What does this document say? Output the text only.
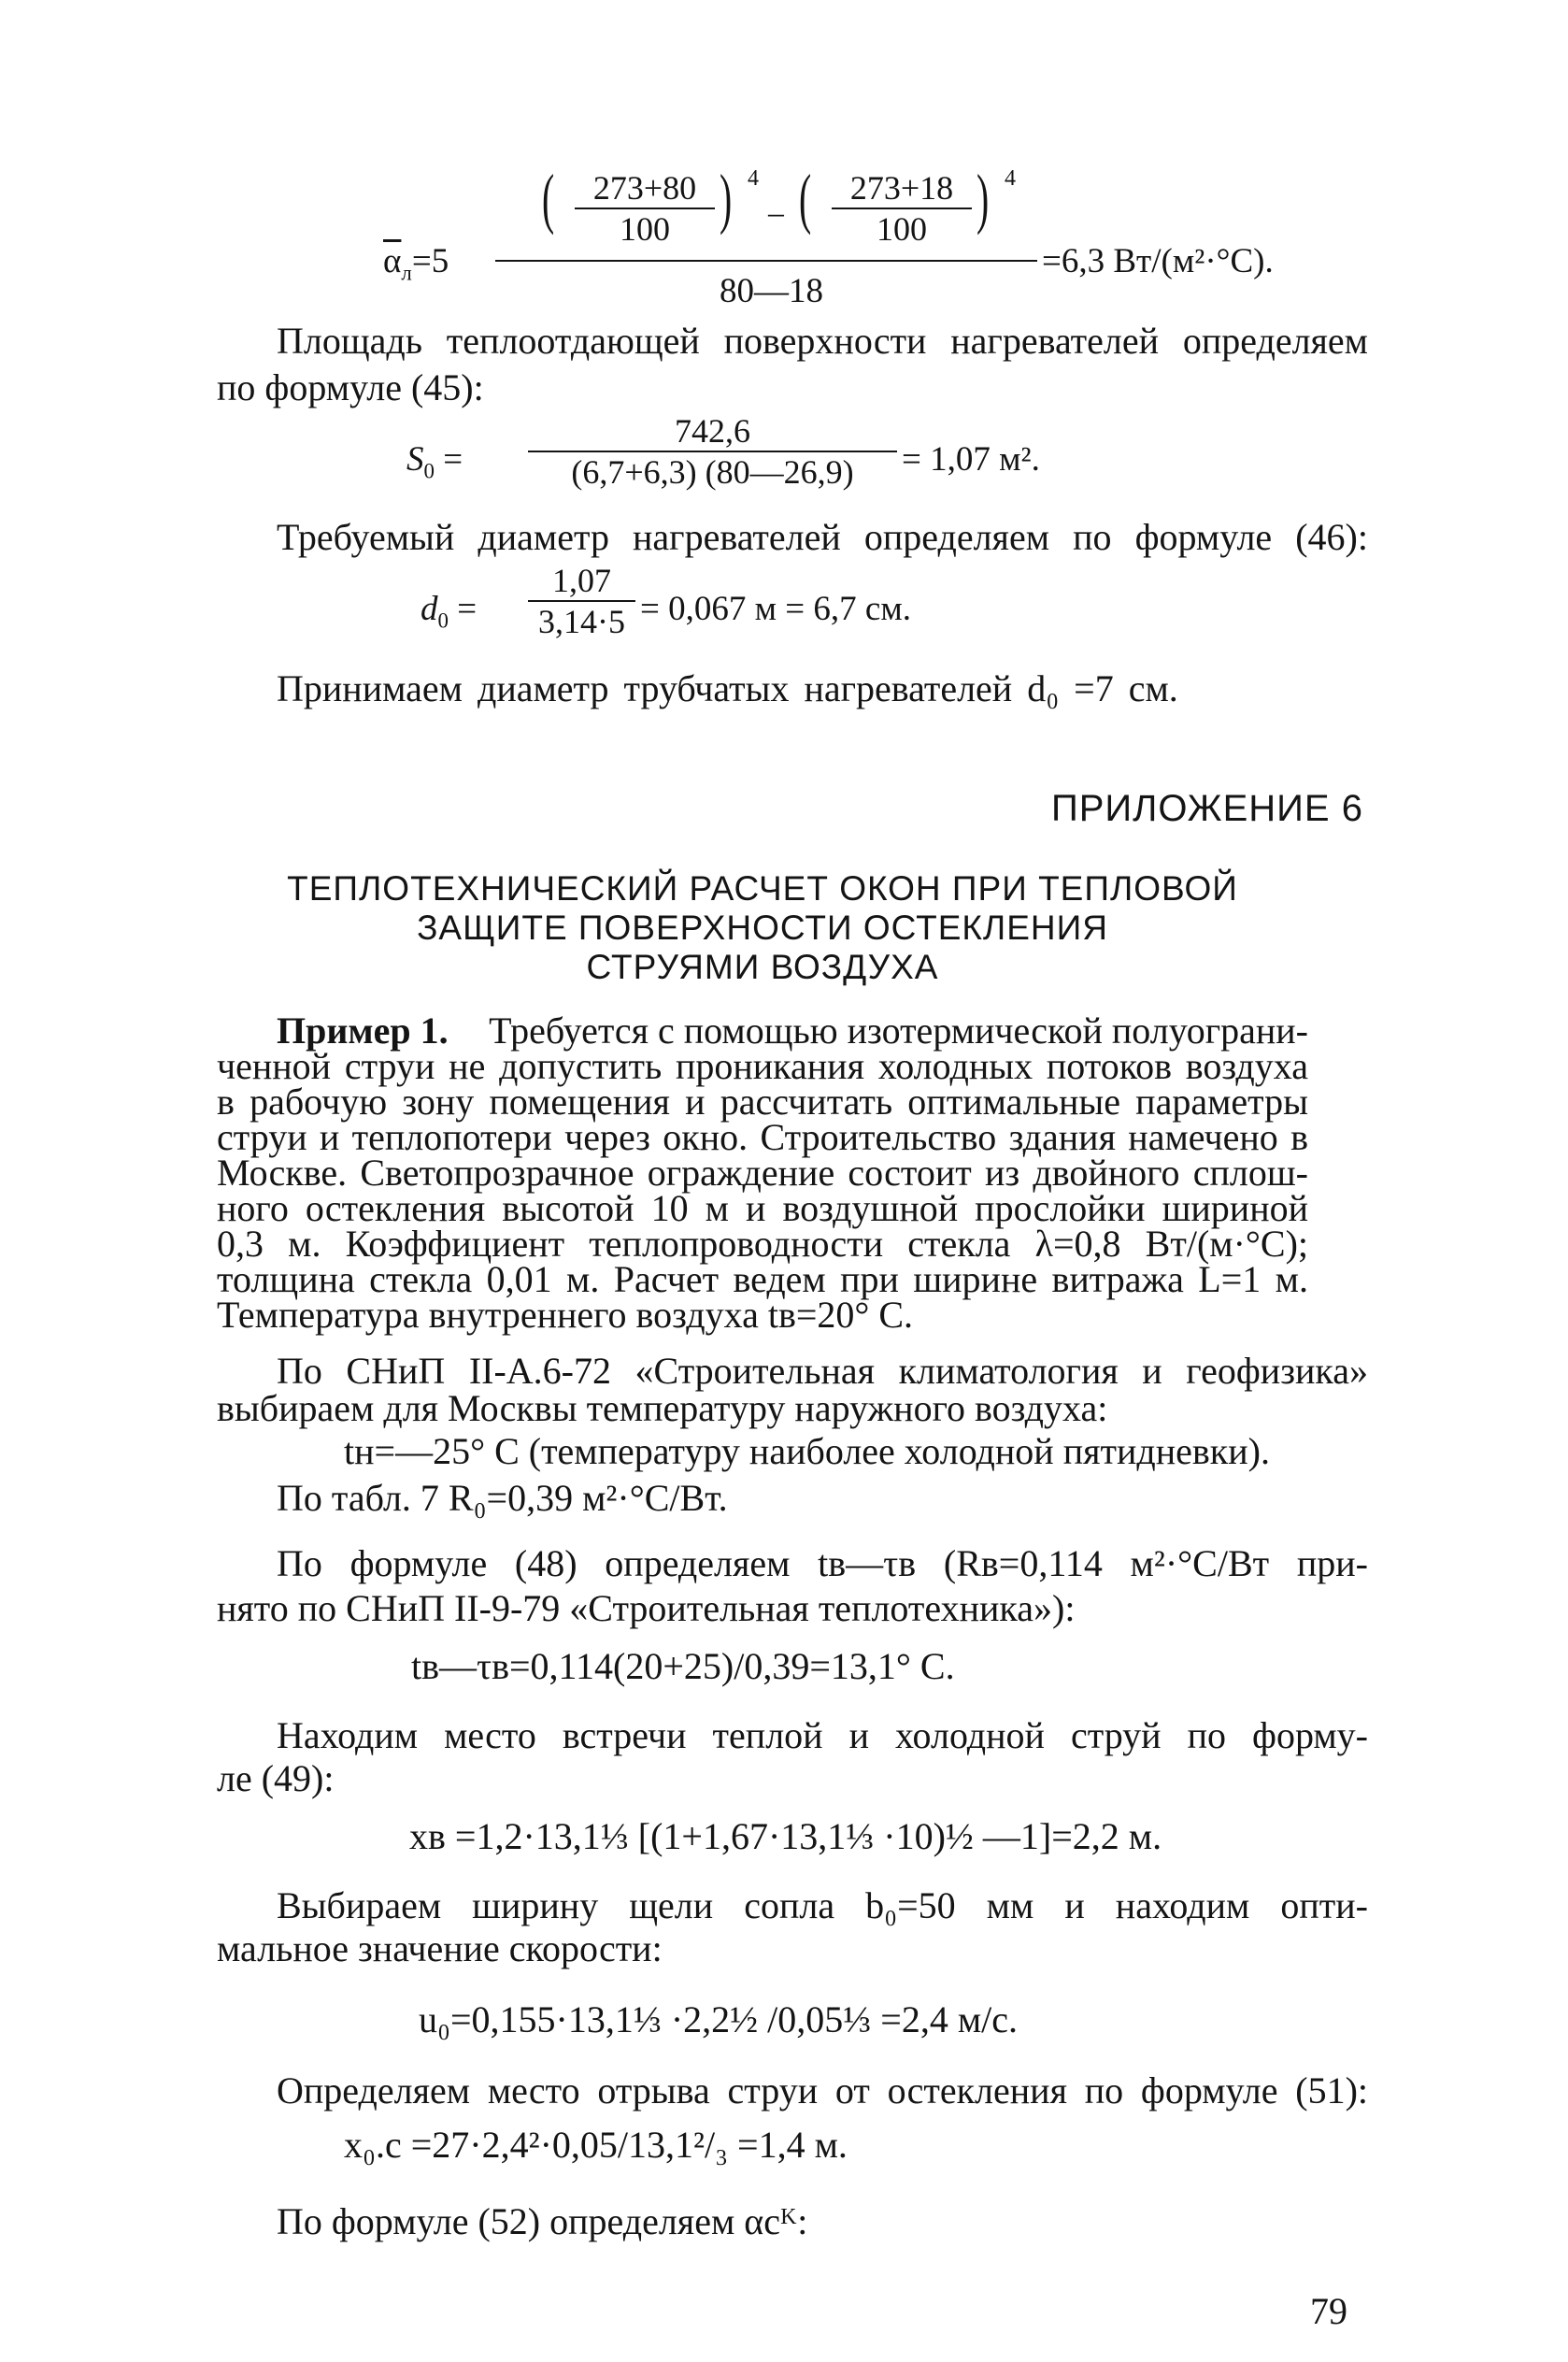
$\overline{\alpha}_л=5$
( 273+80
100 ) 4
− ( 273+18
100 ) 4
80—18
=6,3 Вт/(м²·°С).
Площадь теплоотдающей поверхности нагревателей определяем
по формуле (45):
$S_0$ =
742,6
(6,7+6,3) (80—26,9) = 1,07 м².
Требуемый диаметр нагревателей определяем по формуле (46):
$d_0$ =
1,07
3,14·5 = 0,067 м = 6,7 см.
Принимаем диаметр трубчатых нагревателей d₀ =7 см.
ПРИЛОЖЕНИЕ 6
ТЕПЛОТЕХНИЧЕСКИЙ РАСЧЕТ ОКОН ПРИ ТЕПЛОВОЙ
ЗАЩИТЕ ПОВЕРХНОСТИ ОСТЕКЛЕНИЯ
СТРУЯМИ ВОЗДУХА
Пример 1. Требуется с помощью изотермической полуограни-
ченной струи не допустить проникания холодных потоков воздуха
в рабочую зону помещения и рассчитать оптимальные параметры
струи и теплопотери через окно. Строительство здания намечено в
Москве. Светопрозрачное ограждение состоит из двойного сплош-
ного остекления высотой 10 м и воздушной прослойки шириной
0,3 м. Коэффициент теплопроводности стекла λ=0,8 Вт/(м·°С);
толщина стекла 0,01 м. Расчет ведем при ширине витража L=1 м.
Температура внутреннего воздуха tв=20° С.
По СНиП II-А.6-72 «Строительная климатология и геофизика»
выбираем для Москвы температуру наружного воздуха:
tн=—25° С (температуру наиболее холодной пятидневки).
По табл. 7 R₀=0,39 м²·°С/Вт.
По формуле (48) определяем tв—τв (Rв=0,114 м²·°С/Вт при-
нято по СНиП II-9-79 «Строительная теплотехника»):
tв—τв=0,114(20+25)/0,39=13,1° С.
Находим место встречи теплой и холодной струй по форму-
ле (49):
xв =1,2·13,1⅓ [(1+1,67·13,1⅓ ·10)½ —1]=2,2 м.
Выбираем ширину щели сопла b₀=50 мм и находим опти-
мальное значение скорости:
u₀=0,155·13,1⅓ ·2,2½ /0,05⅓ =2,4 м/с.
Определяем место отрыва струи от остекления по формуле (51):
x₀.с =27·2,4²·0,05/13,1²/₃ =1,4 м.
По формуле (52) определяем αсᴷ:
79
